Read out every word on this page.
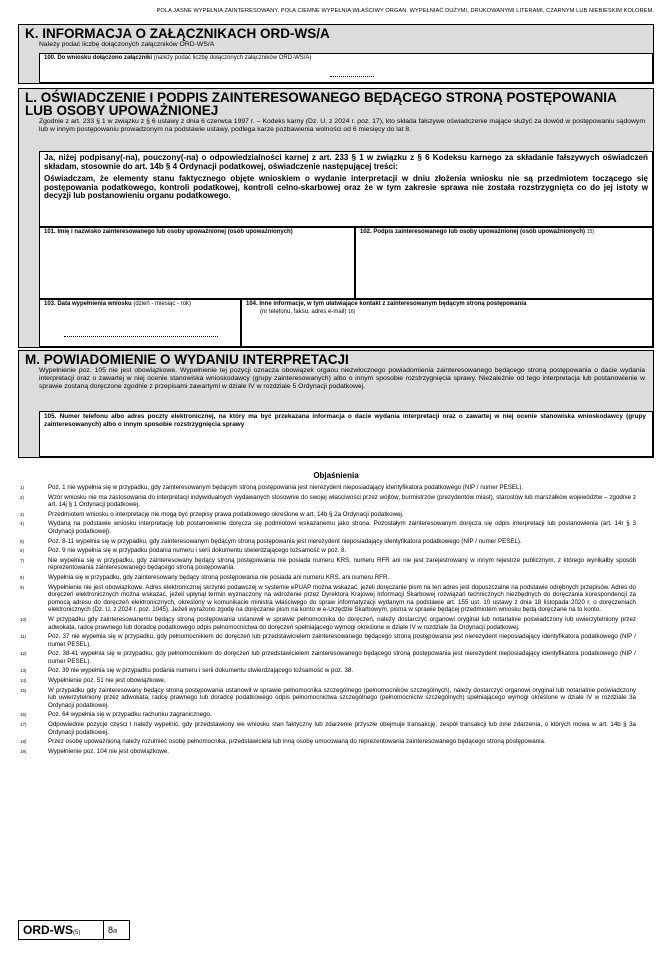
POLA JASNE WYPEŁNIA ZAINTERESOWANY. POLA CIEMNE WYPEŁNIA WŁAŚCIWY ORGAN. WYPEŁNIAĆ DUŻYMI, DRUKOWANYMI LITERAMI, CZARNYM LUB NIEBIESKIM KOLOREM.
K. INFORMACJA O ZAŁĄCZNIKACH ORD-WS/A
Należy podać liczbę dołączonych załączników ORD-WS/A
100. Do wniosku dołączono załączniki (należy podać liczbę dołączonych załączników ORD-WS/A)
L. OŚWIADCZENIE I PODPIS ZAINTERESOWANEGO BĘDĄCEGO STRONĄ POSTĘPOWANIA LUB OSOBY UPOWAŻNIONEJ
Zgodnie z art. 233 § 1 w związku z § 6 ustawy z dnia 6 czerwca 1997 r. – Kodeks karny (Dz. U. z 2024 r. poz. 17), kto składa fałszywe oświadczenie mające służyć za dowód w postępowaniu sądowym lub w innym postępowaniu prowadzonym na podstawie ustawy, podlega karze pozbawienia wolności od 6 miesięcy do lat 8.
Ja, niżej podpisany(-na), pouczony(-na) o odpowiedzialności karnej z art. 233 § 1 w związku z § 6 Kodeksu karnego za składanie fałszywych oświadczeń składam, stosownie do art. 14b § 4 Ordynacji podatkowej, oświadczenie następującej treści:
Oświadczam, że elementy stanu faktycznego objęte wnioskiem o wydanie interpretacji w dniu złożenia wniosku nie są przedmiotem toczącego się postępowania podatkowego, kontroli podatkowej, kontroli celno-skarbowej oraz że w tym zakresie sprawa nie została rozstrzygnięta co do jej istoty w decyzji lub postanowieniu organu podatkowego.
101. Imię i nazwisko zainteresowanego lub osoby upoważnionej (osób upoważnionych)	102. Podpis zainteresowanego lub osoby upoważnionej (osób upoważnionych) $^{15)}$
103. Data wypełnienia wniosku (dzień - miesiąc - rok)	104. Inne informacje, w tym ułatwiające kontakt z zainteresowanym będącym stroną postępowania
(nr telefonu, faksu, adres e-mail) $^{16)}$
M. POWIADOMIENIE O WYDANIU INTERPRETACJI
Wypełnienie poz. 105 nie jest obowiązkowe. Wypełnienie tej pozycji oznacza obowiązek organu niezwłocznego powiadomienia zainteresowanego będącego stroną postępowania o dacie wydania interpretacji oraz o zawartej w niej ocenie stanowiska wnioskodawcy (grupy zainteresowanych) albo o innym sposobie rozstrzygnięcia sprawy. Niezależnie od tego interpretacja lub postanowienie w sprawie zostaną doręczone zgodnie z przepisami zawartymi w dziale IV w rozdziale 5 Ordynacji podatkowej.
105. Numer telefonu albo adres poczty elektronicznej, na który ma być przekazana informacja o dacie wydania interpretacji oraz o zawartej w niej ocenie stanowiska wnioskodawcy (grupy zainteresowanych) albo o innym sposobie rozstrzygnięcia sprawy
Objaśnienia
1)	Poz. 1 nie wypełnia się w przypadku, gdy zainteresowanym będącym stroną postępowania jest nierezydent nieposiadający identyfikatora podatkowego (NIP / numer PESEL).
2)	Wzór wniosku nie ma zastosowania do interpretacji indywidualnych wydawanych stosownie do swojej właściwości przez wójtów, burmistrzów (prezydentów miast), starostów lub marszałków województw – zgodnie z art. 14j § 1 Ordynacji podatkowej.
3)	Przedmiotem wniosku o interpretację nie mogą być przepisy prawa podatkowego określone w art. 14b § 2a Ordynacji podatkowej.
4)	Wydaną na podstawie wniosku interpretację lub postanowienie doręcza się podmiotowi wskazanemu jako strona. Pozostałym zainteresowanym doręcza się odpis interpretacji lub postanowienia (art. 14r § 3 Ordynacji podatkowej).
5)	Poz. 8-11 wypełnia się w przypadku, gdy zainteresowanym będącym stroną postępowania jest nierezydent nieposiadający identyfikatora podatkowego (NIP / numer PESEL).
6)	Poz. 9 nie wypełnia się w przypadku podania numeru i serii dokumentu stwierdzającego tożsamość w poz. 8.
7)	Nie wypełnia się w przypadku, gdy zainteresowany będący stroną postępowania nie posiada numeru KRS, numeru RFR ani nie jest zarejestrowany w innym rejestrze publicznym, z którego wynikałby sposób reprezentowania zainteresowanego będącego stroną postępowania.
8)	Wypełnia się w przypadku, gdy zainteresowany będący stroną postępowania nie posiada ani numeru KRS, ani numeru RFR.
9)	Wypełnienie nie jest obowiązkowe. Adres elektronicznej skrzynki podawczej w systemie ePUAP można wskazać, jeżeli doręczanie pism na ten adres jest dopuszczalne na podstawie odrębnych przepisów. Adres do doręczeń elektronicznych można wskazać, jeżeli upłynął termin wyznaczony na wdrożenie przez Dyrektora Krajowej Informacji Skarbowej rozwiązań technicznych niezbędnych do doręczania korespondencji za pomocą adresu do doręczeń elektronicznych, określony w komunikacie ministra właściwego do spraw informatyzacji wydanym na podstawie art. 155 ust. 10 ustawy z dnia 18 listopada 2020 r. o doręczeniach elektronicznych (Dz. U. z 2024 r. poz. 1045). Jeżeli wyrażono zgodę na doręczanie pism na konto w e-Urzędzie Skarbowym, pisma w sprawie będącej przedmiotem wniosku będą doręczane na to konto.
10)	W przypadku gdy zainteresowanemu będący stroną postępowania ustanowił w sprawie pełnomocnika do doręczeń, należy dostarczyć organowi oryginał lub notarialnie poświadczony lub uwierzytelniony przez adwokata, radcę prawnego lub doradcę podatkowego odpis pełnomocnictwa do doręczeń spełniającego wymogi określone w dziale IV w rozdziale 3a Ordynacji podatkowej.
11)	Poz. 37 nie wypełnia się w przypadku, gdy pełnomocnikiem do doręczeń lub przedstawicielem zainteresowanego będącego stroną postępowania jest nierezydent nieposiadający identyfikatora podatkowego (NIP / numer PESEL).
12)	Poz. 38-41 wypełnia się w przypadku, gdy pełnomocnikiem do doręczeń lub przedstawicielem zainteresowanego będącego stroną postępowania jest nierezydent nieposiadający identyfikatora podatkowego (NIP / numer PESEL).
13)	Poz. 39 nie wypełnia się w przypadku podania numeru i serii dokumentu stwierdzającego tożsamość w poz. 38.
14)	Wypełnienie poz. 51 nie jest obowiązkowe.
15)	W przypadku gdy zainteresowany będący stroną postępowania ustanowił w sprawie pełnomocnika szczególnego (pełnomocników szczególnych), należy dostarczyć organowi oryginał lub notarialnie poświadczony lub uwierzytelniony przez adwokata, radcę prawnego lub doradcę podatkowego odpis pełnomocnictwa szczególnego (pełnomocnictw szczególnych) spełniającego wymogi określone w dziale IV w rozdziale 3a Ordynacji podatkowej.
16)	Poz. 64 wypełnia się w przypadku rachunku zagranicznego.
17)	Odpowiednie pozycje części I należy wypełnić, gdy przedstawiony we wniosku stan faktyczny lub zdarzenie przyszłe obejmuje transakcję, zespół transakcji lub inne zdarzenia, o których mowa w art. 14b § 3a Ordynacji podatkowej.
18)	Przez osobę upoważnioną należy rozumieć osobę pełnomocnika, przedstawiciela lub inną osobę umocowaną do reprezentowania zainteresowanego będącego stroną postępowania.
19)	Wypełnienie poz. 104 nie jest obowiązkowe.
ORD-WS(5)	8/8
